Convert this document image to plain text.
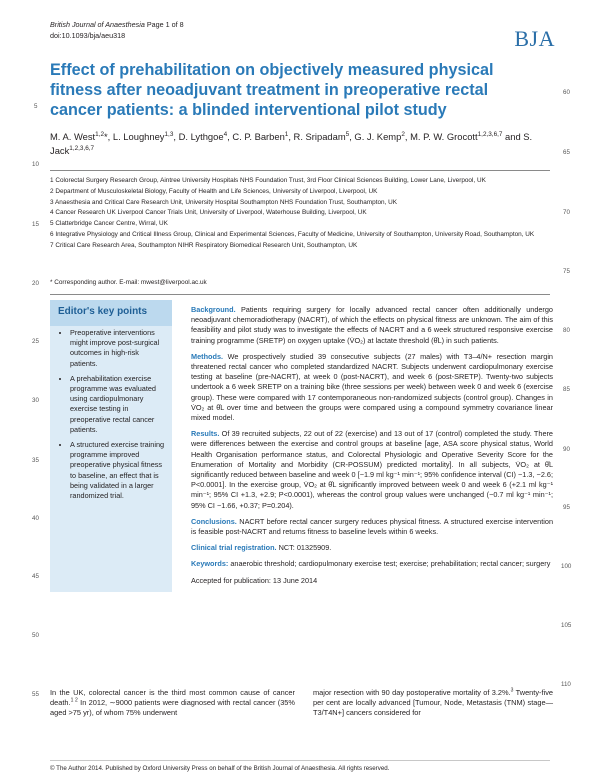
British Journal of Anaesthesia Page 1 of 8
doi:10.1093/bja/aeu318	BJA
Effect of prehabilitation on objectively measured physical fitness after neoadjuvant treatment in preoperative rectal cancer patients: a blinded interventional pilot study
M. A. West$^{1,2}$*, L. Loughney$^{1,3}$, D. Lythgoe$^4$, C. P. Barben$^1$, R. Sripadam$^5$, G. J. Kemp$^2$, M. P. W. Grocott$^{1,2,3,6,7}$ and S. Jack$^{1,2,3,6,7}$
1 Colorectal Surgery Research Group, Aintree University Hospitals NHS Foundation Trust, 3rd Floor Clinical Sciences Building, Lower Lane, Liverpool, UK
2 Department of Musculoskeletal Biology, Faculty of Health and Life Sciences, University of Liverpool, Liverpool, UK
3 Anaesthesia and Critical Care Research Unit, University Hospital Southampton NHS Foundation Trust, Southampton, UK
4 Cancer Research UK Liverpool Cancer Trials Unit, University of Liverpool, Waterhouse Building, Liverpool, UK
5 Clatterbridge Cancer Centre, Wirral, UK
6 Integrative Physiology and Critical Illness Group, Clinical and Experimental Sciences, Faculty of Medicine, University of Southampton, University Road, Southampton, UK
7 Critical Care Research Area, Southampton NIHR Respiratory Biomedical Research Unit, Southampton, UK
* Corresponding author. E-mail: mwest@liverpool.ac.uk
• Preoperative interventions might improve post-surgical outcomes in high-risk patients.
• A prehabilitation exercise programme was evaluated using cardiopulmonary exercise testing in preoperative rectal cancer patients.
• A structured exercise training programme improved preoperative physical fitness to baseline, an effect that is being validated in a larger randomized trial.
Editor's key points	Background. Patients requiring surgery for locally advanced rectal cancer often additionally undergo neoadjuvant chemoradiotherapy (NACRT), of which the effects on physical fitness are unknown. The aim of this feasibility and pilot study was to investigate the effects of NACRT and a 6 week structured responsive exercise training programme (SRETP) on oxygen uptake (V̇O₂) at lactate threshold (θ̂L) in such patients.

Methods. We prospectively studied 39 consecutive subjects (27 males) with T3–4/N+ resection margin threatened rectal cancer who completed standardized NACRT. Subjects underwent cardiopulmonary exercise testing at baseline (pre-NACRT), at week 0 (post-NACRT), and week 6 (post-SRETP). Twenty-two subjects undertook a 6 week SRETP on a training bike (three sessions per week) between week 0 and week 6 (exercise group). These were compared with 17 contemporaneous non-randomized subjects (control group). Changes in V̇O₂ at θ̂L over time and between the groups were compared using a compound symmetry covariance linear mixed model.

Results. Of 39 recruited subjects, 22 out of 22 (exercise) and 13 out of 17 (control) completed the study. There were differences between the exercise and control groups at baseline [age, ASA score physical status, World Health Organisation performance status, and Colorectal Physiologic and Operative Severity Score for the Enumeration of Mortality and Morbidity (CR-POSSUM) predicted mortality]. In all subjects, V̇O₂ at θ̂L significantly reduced between baseline and week 0 [−1.9 ml kg⁻¹ min⁻¹; 95% confidence interval (CI) −1.3, −2.6; P<0.0001]. In the exercise group, V̇O₂ at θ̂L significantly improved between week 0 and week 6 (+2.1 ml kg⁻¹ min⁻¹; 95% CI +1.3, +2.9; P<0.0001), whereas the control group values were unchanged (−0.7 ml kg⁻¹ min⁻¹; 95% CI −1.66, +0.37; P=0.204).

Conclusions. NACRT before rectal cancer surgery reduces physical fitness. A structured exercise intervention is feasible post-NACRT and returns fitness to baseline levels within 6 weeks.

Clinical trial registration. NCT: 01325909.

Keywords: anaerobic threshold; cardiopulmonary exercise test; exercise; prehabilitation; rectal cancer; surgery

Accepted for publication: 13 June 2014

In the UK, colorectal cancer is the third most common cause of cancer death.$^{1 2}$ In 2012, ∼9000 patients were diagnosed with rectal cancer (35% aged >75 yr), of whom 75% underwent
major resection with 90 day postoperative mortality of 3.2%.$^3$ Twenty-five per cent are locally advanced [Tumour, Node, Metastasis (TNM) stage—T3/T4N+] cancers considered for
© The Author 2014. Published by Oxford University Press on behalf of the British Journal of Anaesthesia. All rights reserved.
5
10
15
20
25
30
35
40
45
50
55
60
65
70
75
80
85
90
95
100
105
110
